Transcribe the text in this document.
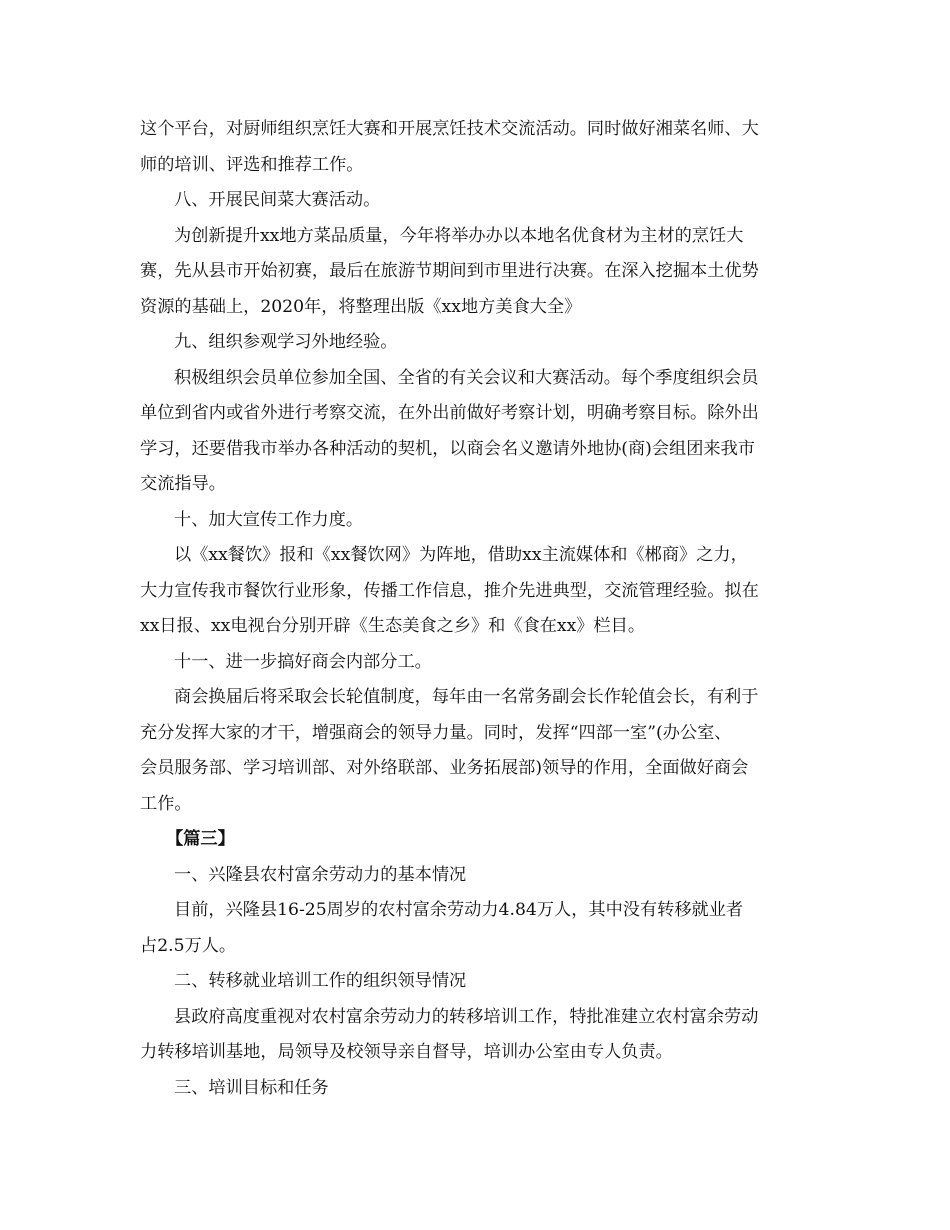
这个平台，对厨师组织烹饪大赛和开展烹饪技术交流活动。同时做好湘菜名师、大
师的培训、评选和推荐工作。
八、开展民间菜大赛活动。
为创新提升xx地方菜品质量，今年将举办办以本地名优食材为主材的烹饪大
赛，先从县市开始初赛，最后在旅游节期间到市里进行决赛。在深入挖掘本土优势
资源的基础上，2020年，将整理出版《xx地方美食大全》
九、组织参观学习外地经验。
积极组织会员单位参加全国、全省的有关会议和大赛活动。每个季度组织会员
单位到省内或省外进行考察交流，在外出前做好考察计划，明确考察目标。除外出
学习，还要借我市举办各种活动的契机，以商会名义邀请外地协(商)会组团来我市
交流指导。
十、加大宣传工作力度。
以《xx餐饮》报和《xx餐饮网》为阵地，借助xx主流媒体和《郴商》之力，
大力宣传我市餐饮行业形象，传播工作信息，推介先进典型，交流管理经验。拟在
xx日报、xx电视台分别开辟《生态美食之乡》和《食在xx》栏目。
十一、进一步搞好商会内部分工。
商会换届后将采取会长轮值制度，每年由一名常务副会长作轮值会长，有利于
充分发挥大家的才干，增强商会的领导力量。同时，发挥“四部一室”(办公室、
会员服务部、学习培训部、对外络联部、业务拓展部)领导的作用，全面做好商会
工作。
【篇三】
一、兴隆县农村富余劳动力的基本情况
目前，兴隆县16-25周岁的农村富余劳动力4.84万人，其中没有转移就业者
占2.5万人。
二、转移就业培训工作的组织领导情况
县政府高度重视对农村富余劳动力的转移培训工作，特批准建立农村富余劳动
力转移培训基地，局领导及校领导亲自督导，培训办公室由专人负责。
三、培训目标和任务
